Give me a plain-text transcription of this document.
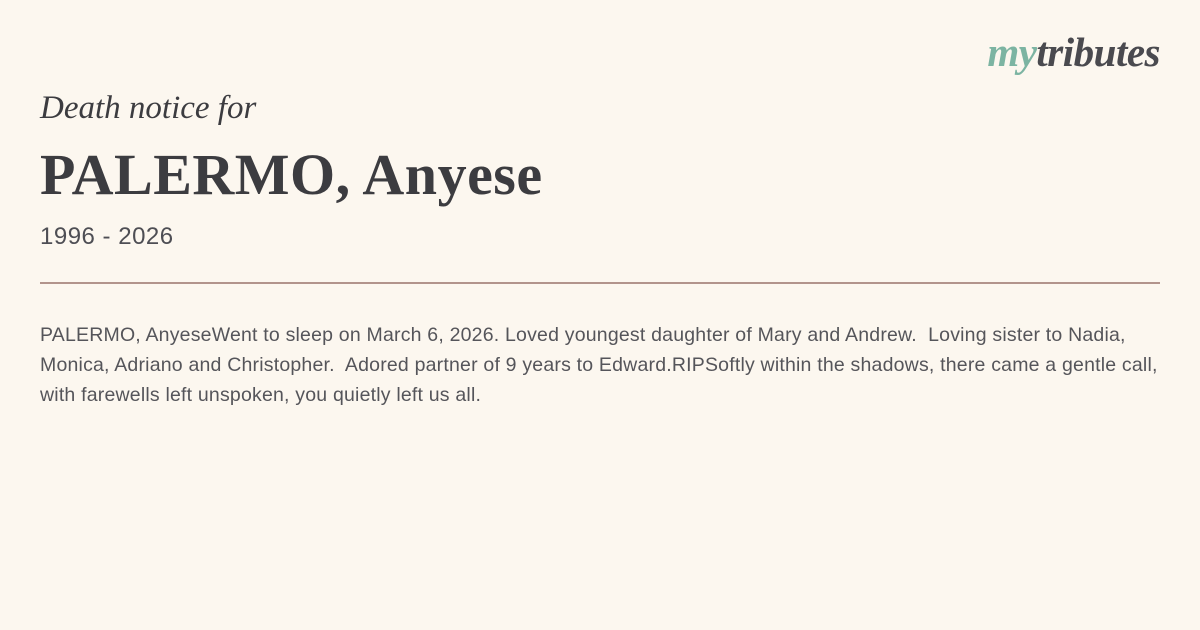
mytributes

Death notice for

PALERMO, Anyese

1996 - 2026

PALERMO, AnyeseWent to sleep on March 6, 2026. Loved youngest daughter of Mary and Andrew.  Loving sister to Nadia, Monica, Adriano and Christopher.  Adored partner of 9 years to Edward.RIPSoftly within the shadows, there came a gentle call, with farewells left unspoken, you quietly left us all.
